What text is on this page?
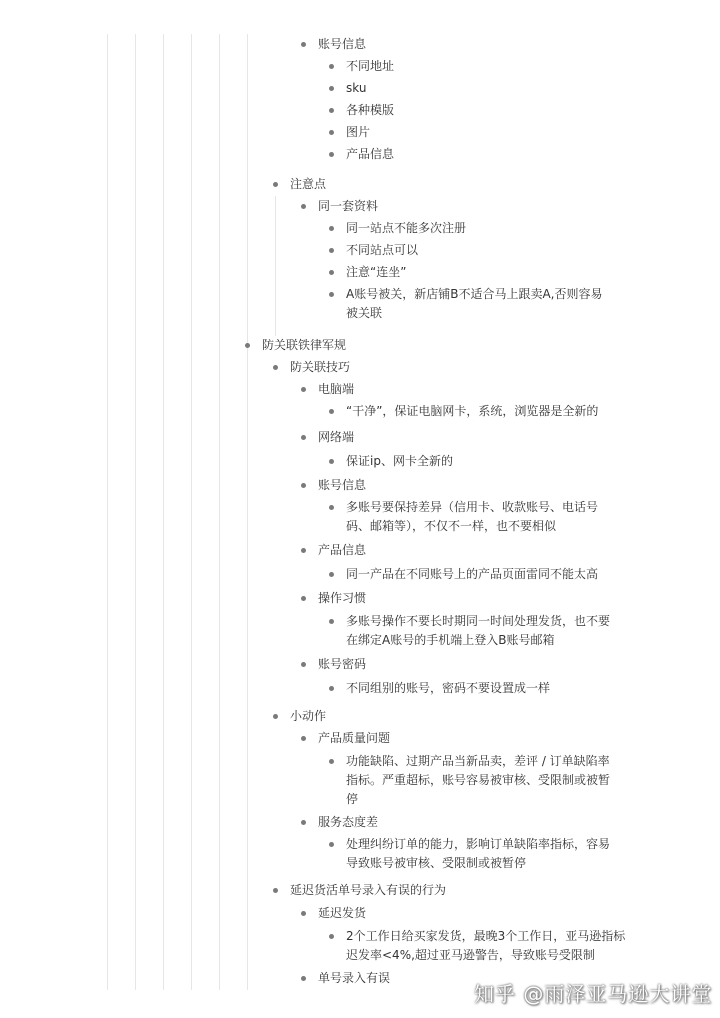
账号信息
不同地址
sku
各种模版
图片
产品信息
注意点
同一套资料
同一站点不能多次注册
不同站点可以
注意“连坐”
A账号被关，新店铺B不适合马上跟卖A,否则容易
被关联
防关联铁律军规
防关联技巧
电脑端
“干净”，保证电脑网卡，系统，浏览器是全新的
网络端
保证ip、网卡全新的
账号信息
多账号要保持差异（信用卡、收款账号、电话号
码、邮箱等），不仅不一样，也不要相似
产品信息
同一产品在不同账号上的产品页面雷同不能太高
操作习惯
多账号操作不要长时期同一时间处理发货，也不要
在绑定A账号的手机端上登入B账号邮箱
账号密码
不同组别的账号，密码不要设置成一样
小动作
产品质量问题
功能缺陷、过期产品当新品卖，差评 / 订单缺陷率
指标。严重超标，账号容易被审核、受限制或被暂
停
服务态度差
处理纠纷订单的能力，影响订单缺陷率指标，容易
导致账号被审核、受限制或被暂停
延迟货活单号录入有误的行为
延迟发货
2个工作日给买家发货，最晚3个工作日，亚马逊指标
迟发率<4%,超过亚马逊警告，导致账号受限制
单号录入有误
知乎 @雨泽亚马逊大讲堂
